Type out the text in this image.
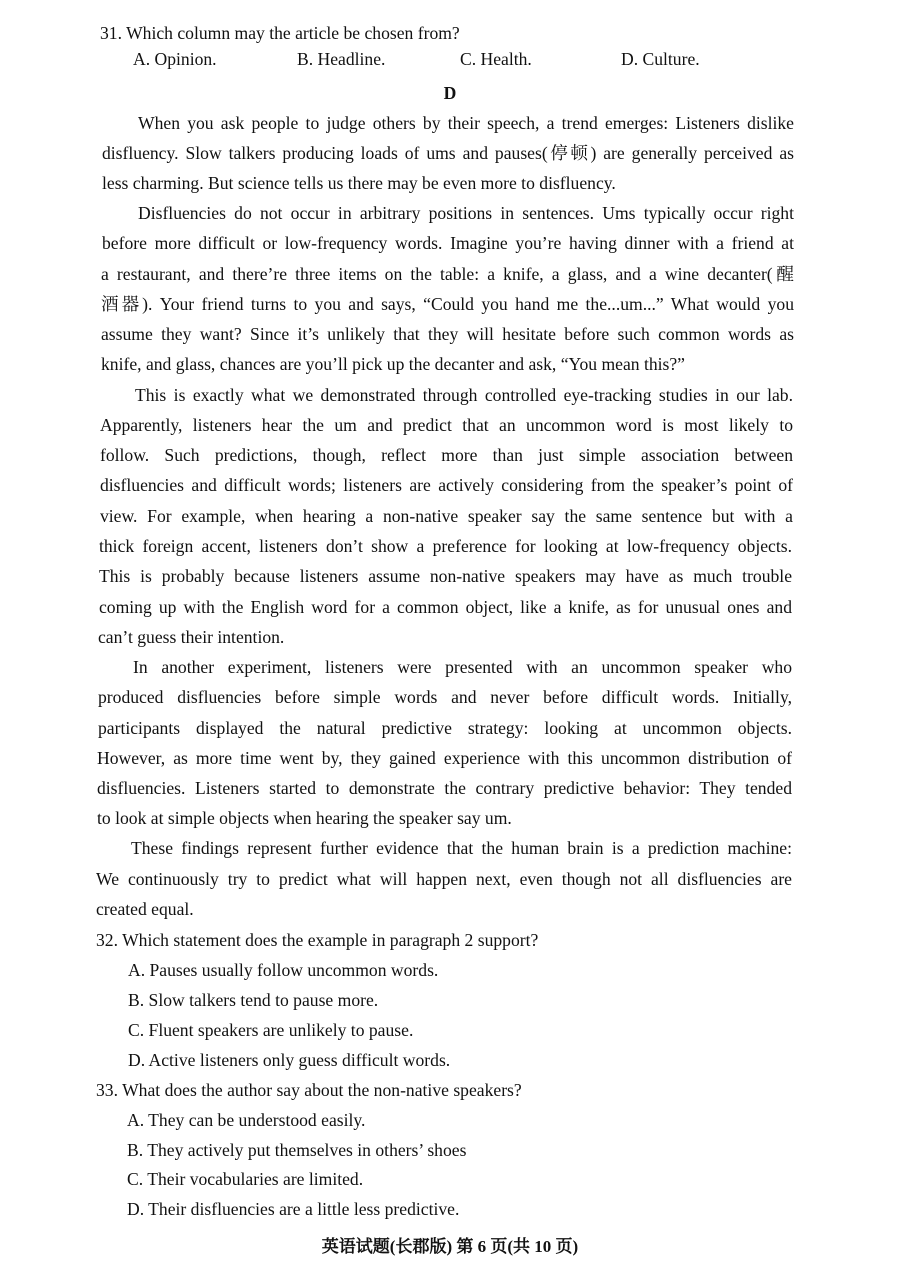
31. Which column may the article be chosen from?
A. Opinion.	B. Headline.	C. Health.	D. Culture.
D
When you ask people to judge others by their speech, a trend emerges: Listeners dislike
disfluency. Slow talkers producing loads of ums and pauses(停顿) are generally perceived as
less charming. But science tells us there may be even more to disfluency.
Disfluencies do not occur in arbitrary positions in sentences. Ums typically occur right
before more difficult or low-frequency words. Imagine you’re having dinner with a friend at
a restaurant, and there’re three items on the table: a knife, a glass, and a wine decanter(醒
酒器). Your friend turns to you and says, “Could you hand me the...um...” What would you
assume they want? Since it’s unlikely that they will hesitate before such common words as
knife, and glass, chances are you’ll pick up the decanter and ask, “You mean this?”
This is exactly what we demonstrated through controlled eye-tracking studies in our lab.
Apparently, listeners hear the um and predict that an uncommon word is most likely to
follow. Such predictions, though, reflect more than just simple association between
disfluencies and difficult words; listeners are actively considering from the speaker’s point of
view. For example, when hearing a non-native speaker say the same sentence but with a
thick foreign accent, listeners don’t show a preference for looking at low-frequency objects.
This is probably because listeners assume non-native speakers may have as much trouble
coming up with the English word for a common object, like a knife, as for unusual ones and
can’t guess their intention.
In another experiment, listeners were presented with an uncommon speaker who
produced disfluencies before simple words and never before difficult words. Initially,
participants displayed the natural predictive strategy: looking at uncommon objects.
However, as more time went by, they gained experience with this uncommon distribution of
disfluencies. Listeners started to demonstrate the contrary predictive behavior: They tended
to look at simple objects when hearing the speaker say um.
These findings represent further evidence that the human brain is a prediction machine:
We continuously try to predict what will happen next, even though not all disfluencies are
created equal.
32. Which statement does the example in paragraph 2 support?
A. Pauses usually follow uncommon words.
B. Slow talkers tend to pause more.
C. Fluent speakers are unlikely to pause.
D. Active listeners only guess difficult words.
33. What does the author say about the non-native speakers?
A. They can be understood easily.
B. They actively put themselves in others’ shoes
C. Their vocabularies are limited.
D. Their disfluencies are a little less predictive.
英语试题(长郡版) 第 6 页(共 10 页)
